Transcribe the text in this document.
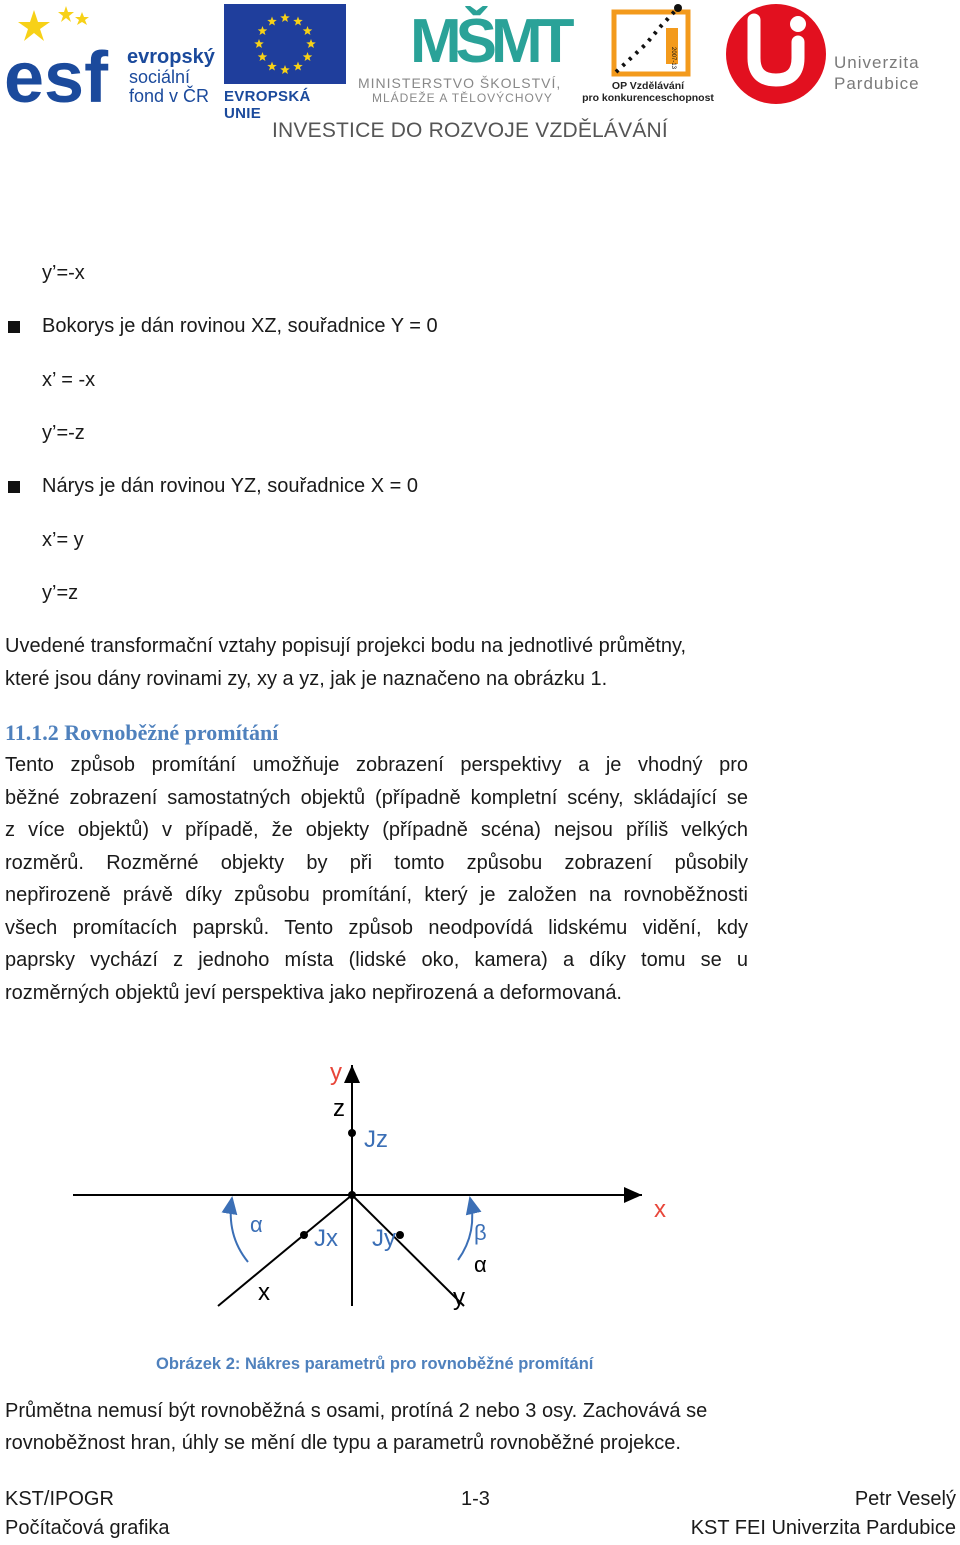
esf evropský
sociální
fond v ČR EVROPSKÁ UNIE
MŠMT
MINISTERSTVO ŠKOLSTVÍ,
MLÁDEŽE A TĚLOVÝCHOVY
2007-13
OP Vzdělávání
pro konkurenceschopnost
Univerzita
Pardubice
INVESTICE DO ROZVOJE VZDĚLÁVÁNÍ
y’=-x
Bokorys je dán rovinou XZ, souřadnice Y = 0
x’ = -x
y’=-z
Nárys je dán rovinou YZ, souřadnice X = 0
x’= y
y’=z
Uvedené transformační vztahy popisují projekci bodu na jednotlivé průmětny,
které jsou dány rovinami zy, xy a yz, jak je naznačeno na obrázku 1.
11.1.2 Rovnoběžné promítání
Tento způsob promítání umožňuje zobrazení perspektivy a je vhodný pro
běžné zobrazení samostatných objektů (případně kompletní scény, skládající se
z více objektů) v případě, že objekty (případně scéna) nejsou příliš velkých
rozměrů. Rozměrné objekty by při tomto způsobu zobrazení působily
nepřirozeně právě díky způsobu promítání, který je založen na rovnoběžnosti
všech promítacích paprsků. Tento způsob neodpovídá lidskému vidění, kdy
paprsky vychází z jednoho místa (lidské oko, kamera) a díky tomu se u
rozměrných objektů jeví perspektiva jako nepřirozená a deformovaná.
y
z
Jz
x
α
Jx Jy	β
α
x	y
Obrázek 2: Nákres parametrů pro rovnoběžné promítání
Průmětna nemusí být rovnoběžná s osami, protíná 2 nebo 3 osy. Zachovává se
rovnoběžnost hran, úhly se mění dle typu a parametrů rovnoběžné projekce.
KST/IPOGR
Počítačová grafika
1-3	Petr Veselý
KST FEI Univerzita Pardubice
